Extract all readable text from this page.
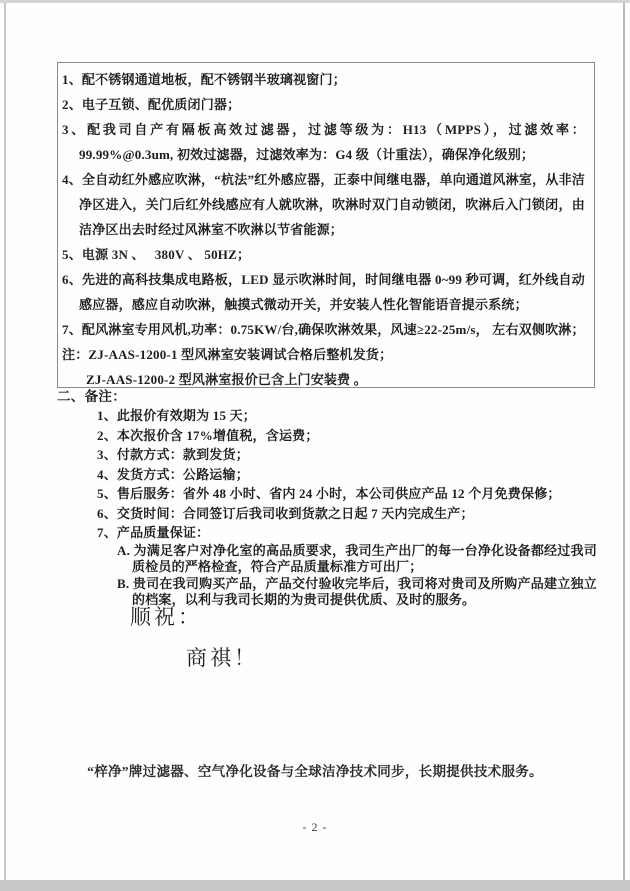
1、配不锈钢通道地板，配不锈钢半玻璃视窗门；
2、电子互锁、配优质闭门器；
3、配我司自产有隔板高效过滤器，过滤等级为：H13（MPPS），过滤效率：99.99%@0.3um, 初效过滤器，过滤效率为：G4 级（计重法），确保净化级别；
4、全自动红外感应吹淋，“杭法”红外感应器，正泰中间继电器，单向通道风淋室，从非洁净区进入，关门后红外线感应有人就吹淋，吹淋时双门自动锁闭，吹淋后入门锁闭，由洁净区出去时经过风淋室不吹淋以节省能源；
5、电源 3N 、　 380V 、 50HZ；
6、先进的高科技集成电路板，LED 显示吹淋时间，时间继电器 0~99 秒可调，红外线自动感应器，感应自动吹淋，触摸式微动开关，并安装人性化智能语音提示系统；
7、配风淋室专用风机,功率：0.75KW/台,确保吹淋效果，风速≥22-25m/s， 左右双侧吹淋；
注：ZJ-AAS-1200-1 型风淋室安装调试合格后整机发货；
ZJ-AAS-1200-2 型风淋室报价已含上门安装费 。
二、备注：
1、此报价有效期为 15 天；
2、本次报价含 17%增值税，含运费；
3、付款方式：款到发货；
4、发货方式：公路运输；
5、售后服务：省外 48 小时、省内 24 小时，本公司供应产品 12 个月免费保修；
6、交货时间：合同签订后我司收到货款之日起 7 天内完成生产；
7、产品质量保证：
A. 为满足客户对净化室的高品质要求，我司生产出厂的每一台净化设备都经过我司质检员的严格检查，符合产品质量标准方可出厂；
B. 贵司在我司购买产品，产品交付验收完毕后，我司将对贵司及所购产品建立独立的档案，以利与我司长期的为贵司提供优质、及时的服务。
顺祝：
商祺！
“梓净”牌过滤器、空气净化设备与全球洁净技术同步，长期提供技术服务。
- 2 -
